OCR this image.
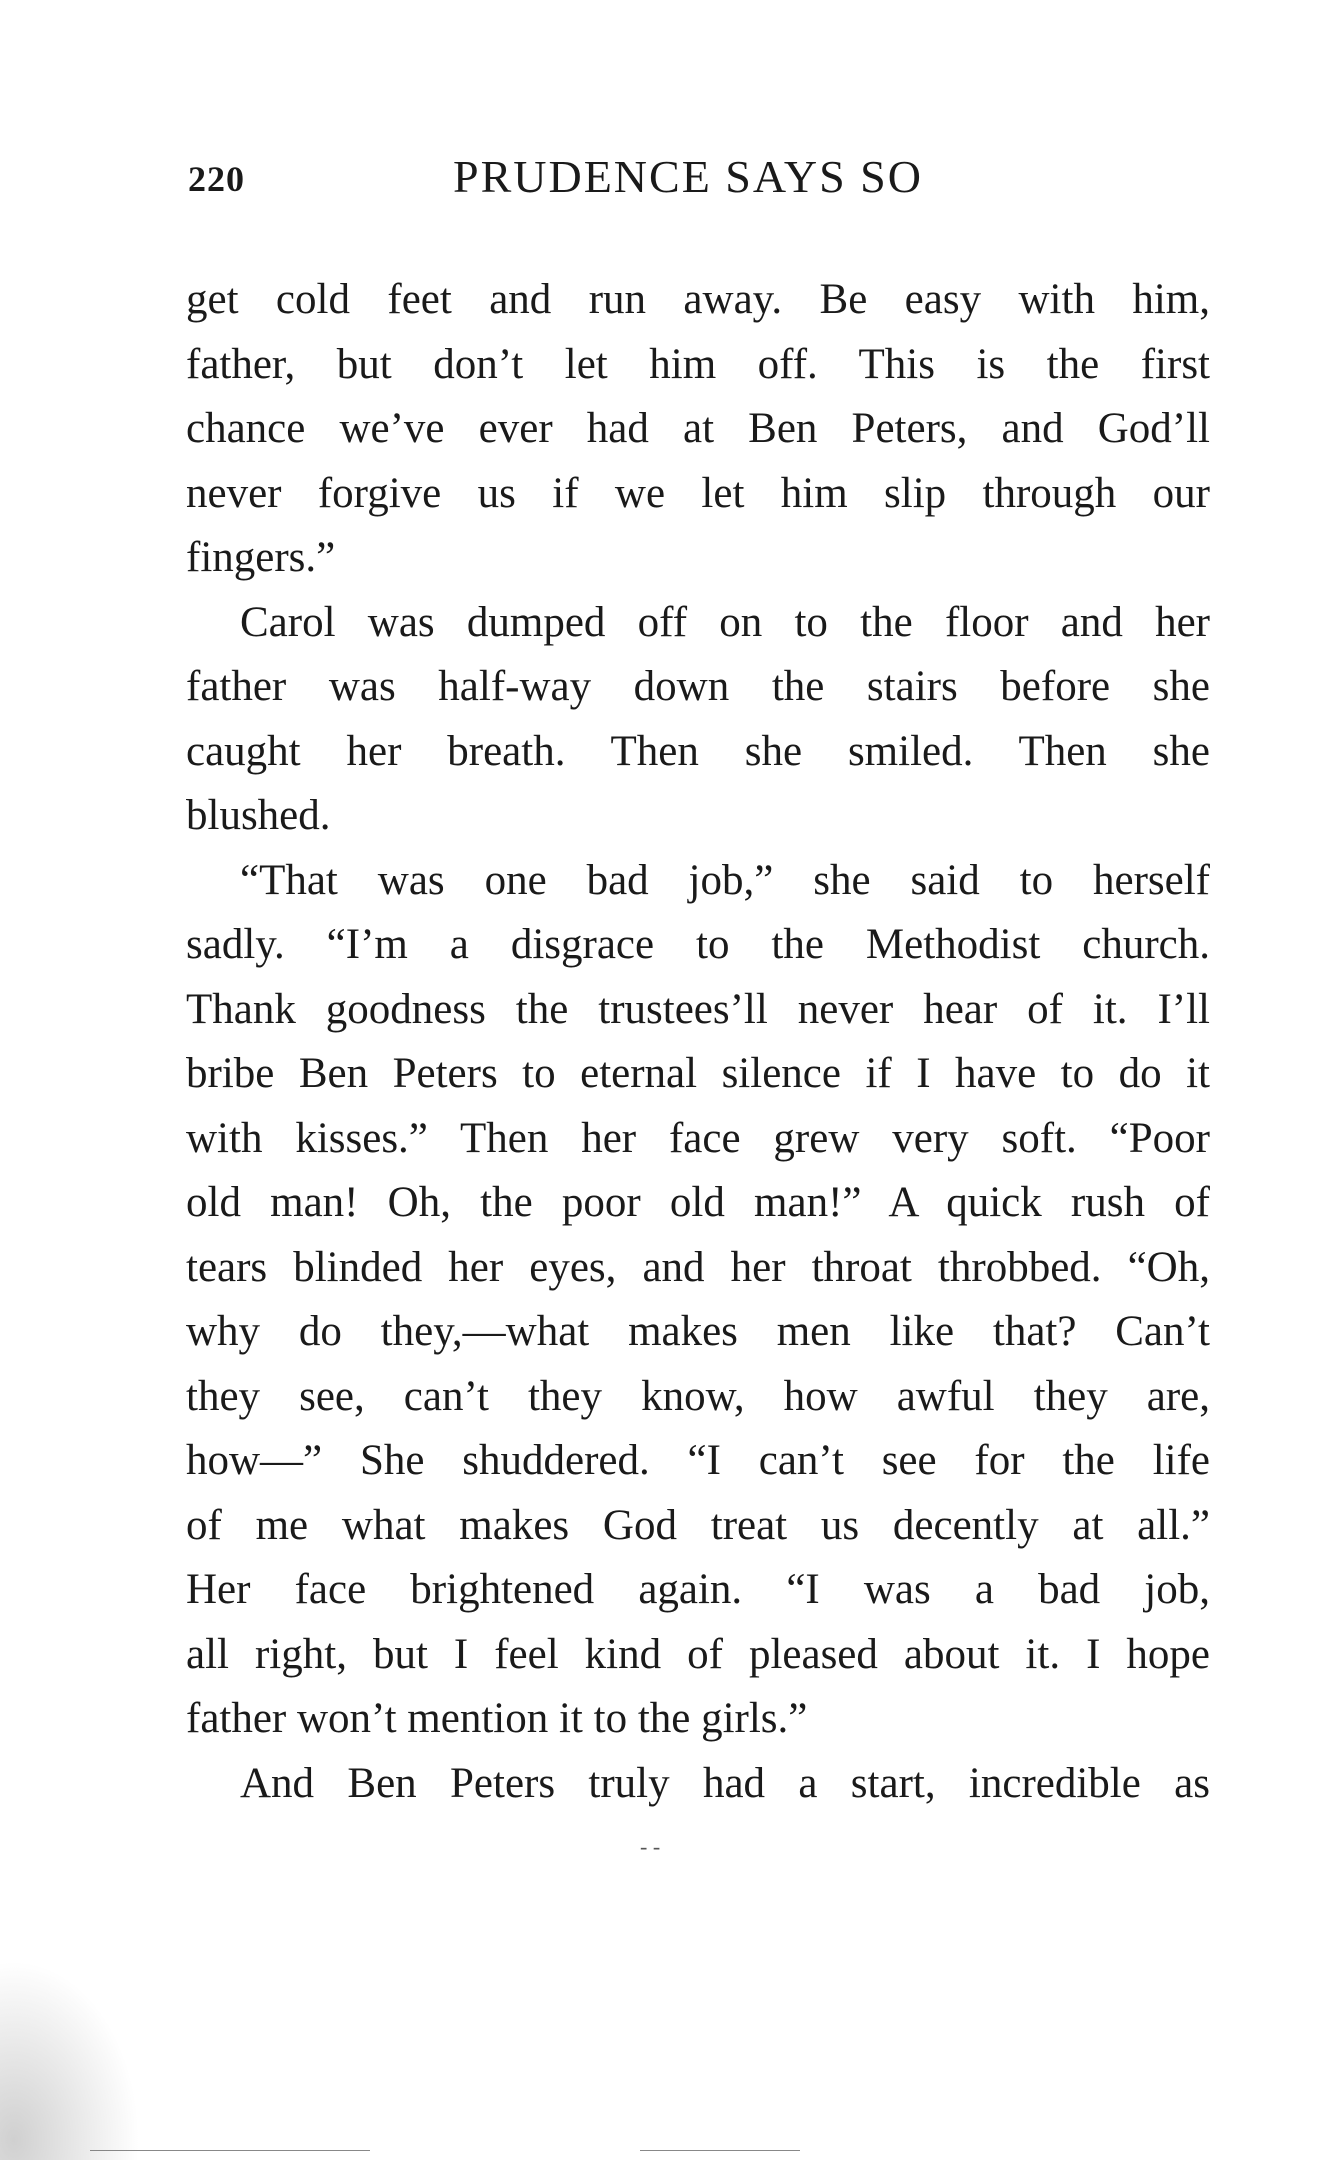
220	PRUDENCE SAYS SO
get cold feet and run away. Be easy with him,
father, but don’t let him off. This is the first
chance we’ve ever had at Ben Peters, and God’ll
never forgive us if we let him slip through our
fingers.”
Carol was dumped off on to the floor and her
father was half-way down the stairs before she
caught her breath. Then she smiled. Then she
blushed.
“That was one bad job,” she said to herself
sadly. “I’m a disgrace to the Methodist church.
Thank goodness the trustees’ll never hear of it. I’ll
bribe Ben Peters to eternal silence if I have to do it
with kisses.” Then her face grew very soft. “Poor
old man! Oh, the poor old man!” A quick rush of
tears blinded her eyes, and her throat throbbed. “Oh,
why do they,—what makes men like that? Can’t
they see, can’t they know, how awful they are,
how—” She shuddered. “I can’t see for the life
of me what makes God treat us decently at all.”
Her face brightened again. “I was a bad job,
all right, but I feel kind of pleased about it. I hope
father won’t mention it to the girls.”
And Ben Peters truly had a start, incredible as
- -
